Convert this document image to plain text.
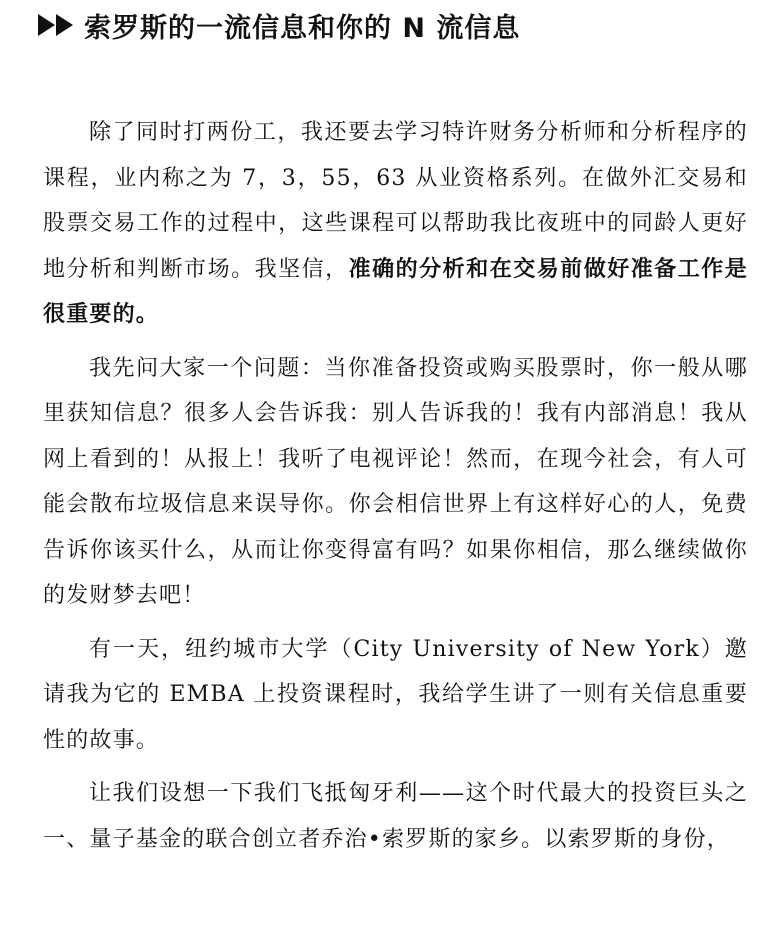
索罗斯的一流信息和你的 N 流信息

除了同时打两份工，我还要去学习特许财务分析师和分析程序的课程，业内称之为 7，3，55，63 从业资格系列。在做外汇交易和股票交易工作的过程中，这些课程可以帮助我比夜班中的同龄人更好地分析和判断市场。我坚信，准确的分析和在交易前做好准备工作是很重要的。

我先问大家一个问题：当你准备投资或购买股票时，你一般从哪里获知信息？很多人会告诉我：别人告诉我的！我有内部消息！我从网上看到的！从报上！我听了电视评论！然而，在现今社会，有人可能会散布垃圾信息来误导你。你会相信世界上有这样好心的人，免费告诉你该买什么，从而让你变得富有吗？如果你相信，那么继续做你的发财梦去吧！

有一天，纽约城市大学（City University of New York）邀请我为它的 EMBA 上投资课程时，我给学生讲了一则有关信息重要性的故事。

让我们设想一下我们飞抵匈牙利——这个时代最大的投资巨头之一、量子基金的联合创立者乔治•索罗斯的家乡。以索罗斯的身份，
